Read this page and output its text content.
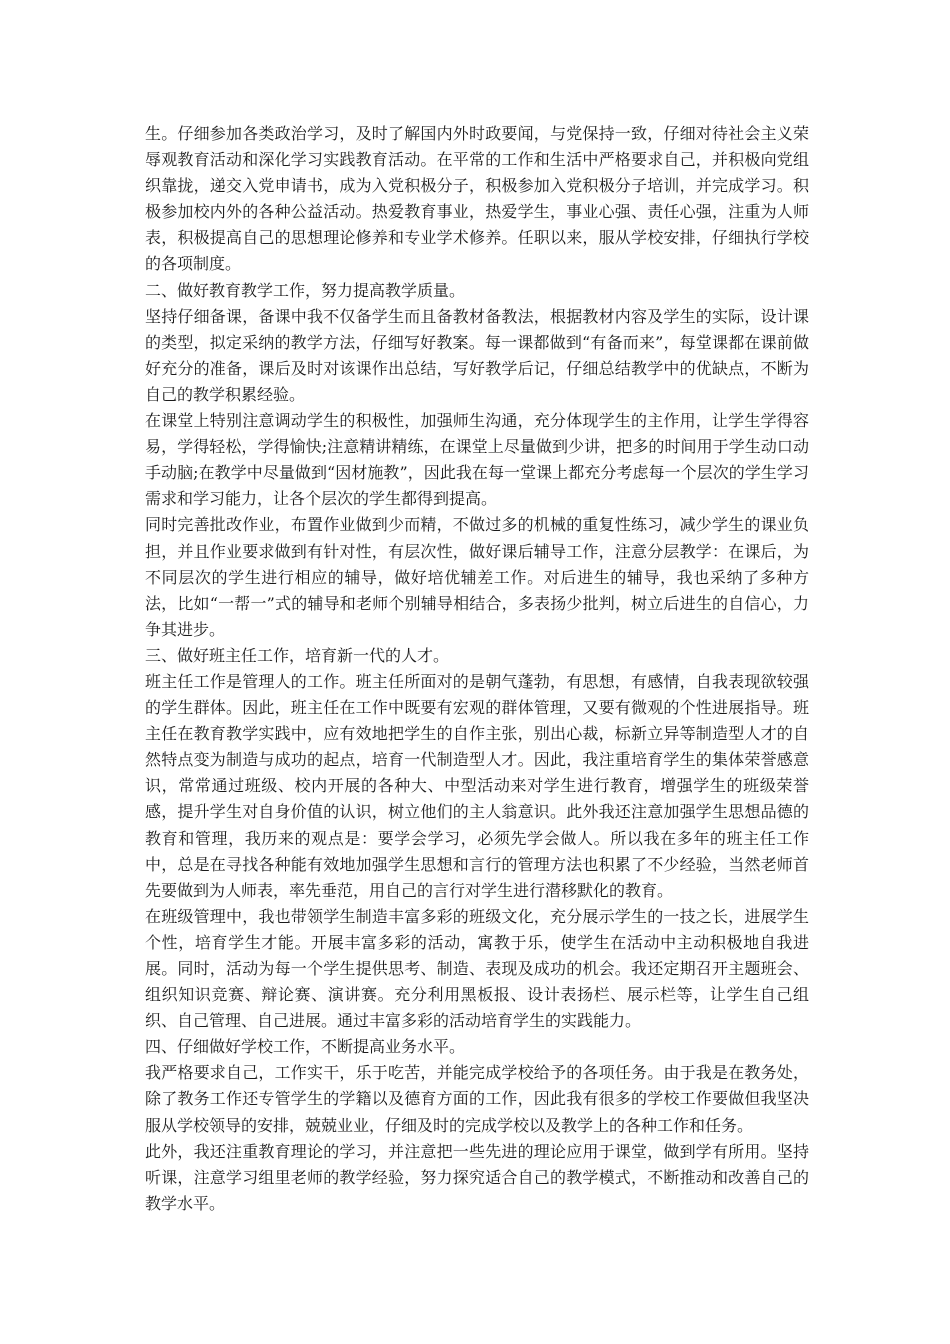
生。仔细参加各类政治学习，及时了解国内外时政要闻，与党保持一致，仔细对待社会主义荣辱观教育活动和深化学习实践教育活动。在平常的工作和生活中严格要求自己，并积极向党组织靠拢，递交入党申请书，成为入党积极分子，积极参加入党积极分子培训，并完成学习。积极参加校内外的各种公益活动。热爱教育事业，热爱学生，事业心强、责任心强，注重为人师表，积极提高自己的思想理论修养和专业学术修养。任职以来，服从学校安排，仔细执行学校的各项制度。

二、做好教育教学工作，努力提高教学质量。

坚持仔细备课，备课中我不仅备学生而且备教材备教法，根据教材内容及学生的实际，设计课的类型，拟定采纳的教学方法，仔细写好教案。每一课都做到“有备而来”，每堂课都在课前做好充分的准备，课后及时对该课作出总结，写好教学后记，仔细总结教学中的优缺点，不断为自己的教学积累经验。

在课堂上特别注意调动学生的积极性，加强师生沟通，充分体现学生的主作用，让学生学得容易，学得轻松，学得愉快;注意精讲精练，在课堂上尽量做到少讲，把多的时间用于学生动口动手动脑;在教学中尽量做到“因材施教”，因此我在每一堂课上都充分考虑每一个层次的学生学习需求和学习能力，让各个层次的学生都得到提高。

同时完善批改作业，布置作业做到少而精，不做过多的机械的重复性练习，减少学生的课业负担，并且作业要求做到有针对性，有层次性，做好课后辅导工作，注意分层教学：在课后，为不同层次的学生进行相应的辅导，做好培优辅差工作。对后进生的辅导，我也采纳了多种方法，比如“一帮一”式的辅导和老师个别辅导相结合，多表扬少批判，树立后进生的自信心，力争其进步。

三、做好班主任工作，培育新一代的人才。

班主任工作是管理人的工作。班主任所面对的是朝气蓬勃，有思想，有感情，自我表现欲较强的学生群体。因此，班主任在工作中既要有宏观的群体管理，又要有微观的个性进展指导。班主任在教育教学实践中，应有效地把学生的自作主张，别出心裁，标新立异等制造型人才的自然特点变为制造与成功的起点，培育一代制造型人才。因此，我注重培育学生的集体荣誉感意识，常常通过班级、校内开展的各种大、中型活动来对学生进行教育，增强学生的班级荣誉感，提升学生对自身价值的认识，树立他们的主人翁意识。此外我还注意加强学生思想品德的教育和管理，我历来的观点是：要学会学习，必须先学会做人。所以我在多年的班主任工作中，总是在寻找各种能有效地加强学生思想和言行的管理方法也积累了不少经验，当然老师首先要做到为人师表，率先垂范，用自己的言行对学生进行潜移默化的教育。

在班级管理中，我也带领学生制造丰富多彩的班级文化，充分展示学生的一技之长，进展学生个性，培育学生才能。开展丰富多彩的活动，寓教于乐，使学生在活动中主动积极地自我进展。同时，活动为每一个学生提供思考、制造、表现及成功的机会。我还定期召开主题班会、组织知识竞赛、辩论赛、演讲赛。充分利用黑板报、设计表扬栏、展示栏等，让学生自己组织、自己管理、自己进展。通过丰富多彩的活动培育学生的实践能力。

四、仔细做好学校工作，不断提高业务水平。

我严格要求自己，工作实干，乐于吃苦，并能完成学校给予的各项任务。由于我是在教务处，除了教务工作还专管学生的学籍以及德育方面的工作，因此我有很多的学校工作要做但我坚决服从学校领导的安排，兢兢业业，仔细及时的完成学校以及教学上的各种工作和任务。

此外，我还注重教育理论的学习，并注意把一些先进的理论应用于课堂，做到学有所用。坚持听课，注意学习组里老师的教学经验，努力探究适合自己的教学模式，不断推动和改善自己的教学水平。
